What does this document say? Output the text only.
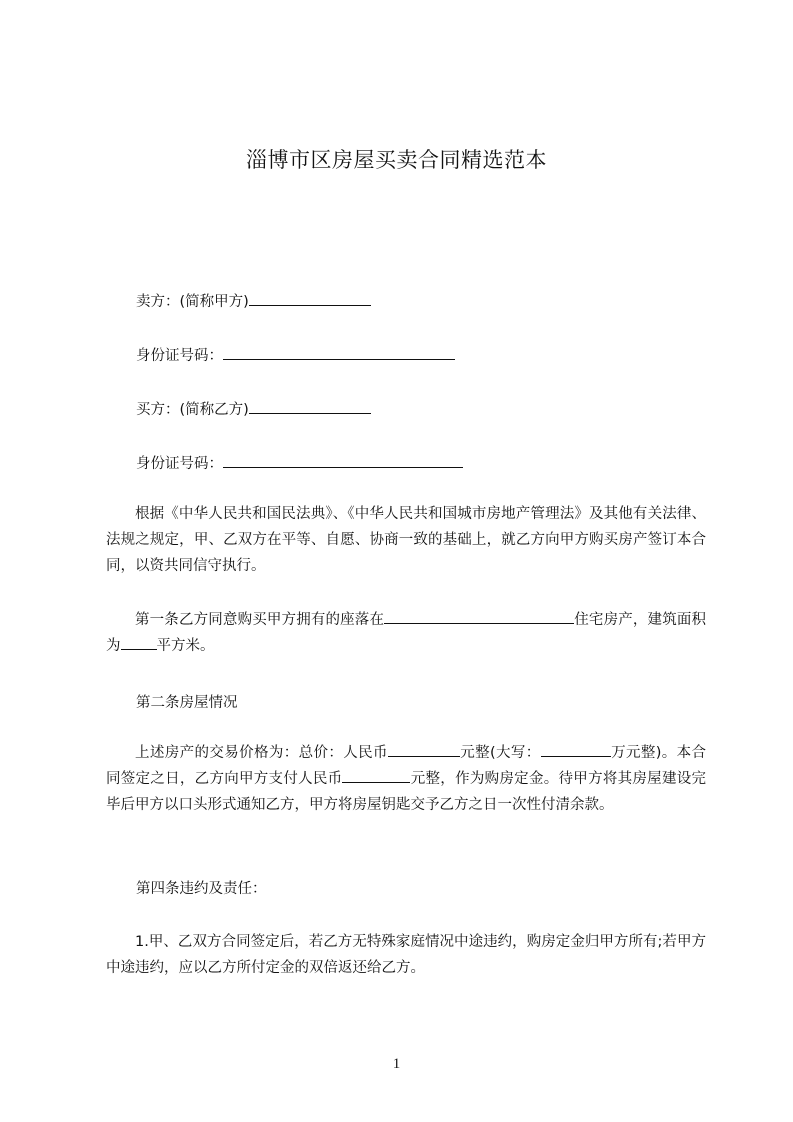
淄博市区房屋买卖合同精选范本
卖方：(简称甲方)
身份证号码：
买方：(简称乙方)
身份证号码：
根据《中华人民共和国民法典》、《中华人民共和国城市房地产管理法》及其他有关法律、法规之规定，甲、乙双方在平等、自愿、协商一致的基础上，就乙方向甲方购买房产签订本合同，以资共同信守执行。
第一条乙方同意购买甲方拥有的座落在	住宅房产，建筑面积为 平方米。
第二条房屋情况
上述房产的交易价格为：总价：人民币	元整(大写：	万元整)。本合同签定之日，乙方向甲方支付人民币	元整，作为购房定金。待甲方将其房屋建设完毕后甲方以口头形式通知乙方，甲方将房屋钥匙交予乙方之日一次性付清余款。
第四条违约及责任：
1.甲、乙双方合同签定后，若乙方无特殊家庭情况中途违约，购房定金归甲方所有;若甲方中途违约，应以乙方所付定金的双倍返还给乙方。
1
